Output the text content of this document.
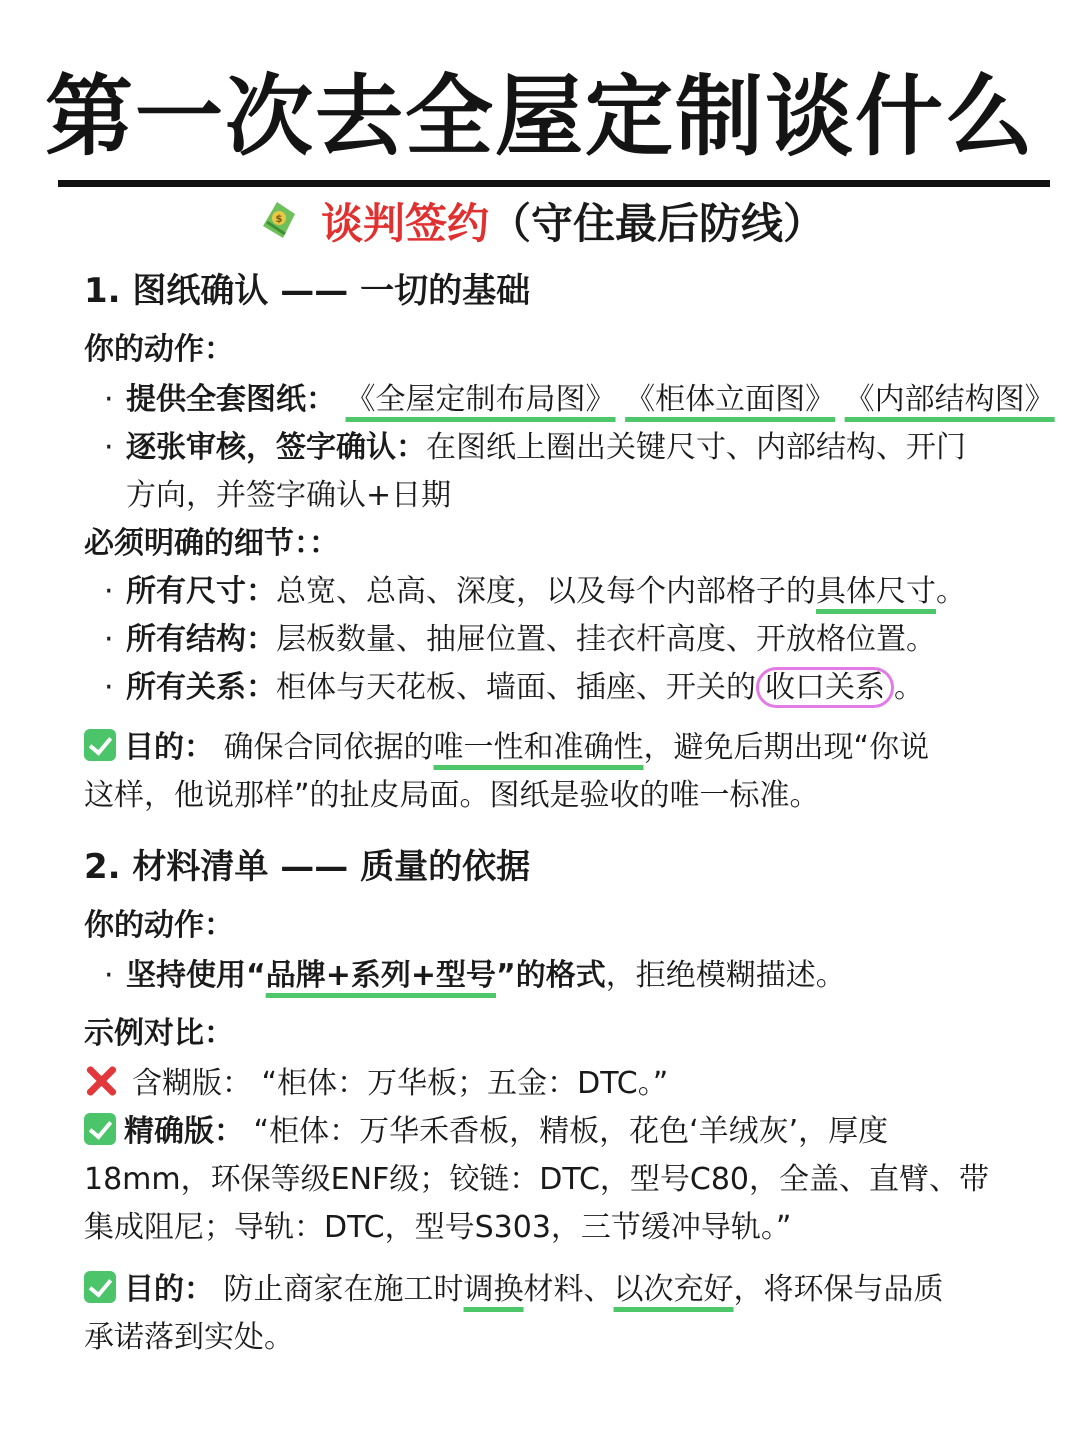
第一次去全屋定制谈什么
$ 谈判签约（守住最后防线）
1. 图纸确认 —— 一切的基础
你的动作：
· 提供全套图纸： 《全屋定制布局图》 《柜体立面图》 《内部结构图》
· 逐张审核，签字确认：在图纸上圈出关键尺寸、内部结构、开门
方向，并签字确认+日期
必须明确的细节：：
· 所有尺寸：总宽、总高、深度，以及每个内部格子的具体尺寸。
· 所有结构：层板数量、抽屉位置、挂衣杆高度、开放格位置。
· 所有关系：柜体与天花板、墙面、插座、开关的 收口关系 。
目的： 确保合同依据的唯一性和准确性，避免后期出现“你说
这样，他说那样”的扯皮局面。图纸是验收的唯一标准。
2. 材料清单 —— 质量的依据
你的动作：
· 坚持使用“品牌+系列+型号”的格式，拒绝模糊描述。
示例对比：
含糊版： “柜体：万华板；五金：DTC。”
精确版： “柜体：万华禾香板，精板，花色‘羊绒灰’，厚度
18mm，环保等级ENF级；铰链：DTC，型号C80，全盖、直臂、带
集成阻尼；导轨：DTC，型号S303，三节缓冲导轨。”
目的： 防止商家在施工时调换材料、以次充好，将环保与品质
承诺落到实处。
